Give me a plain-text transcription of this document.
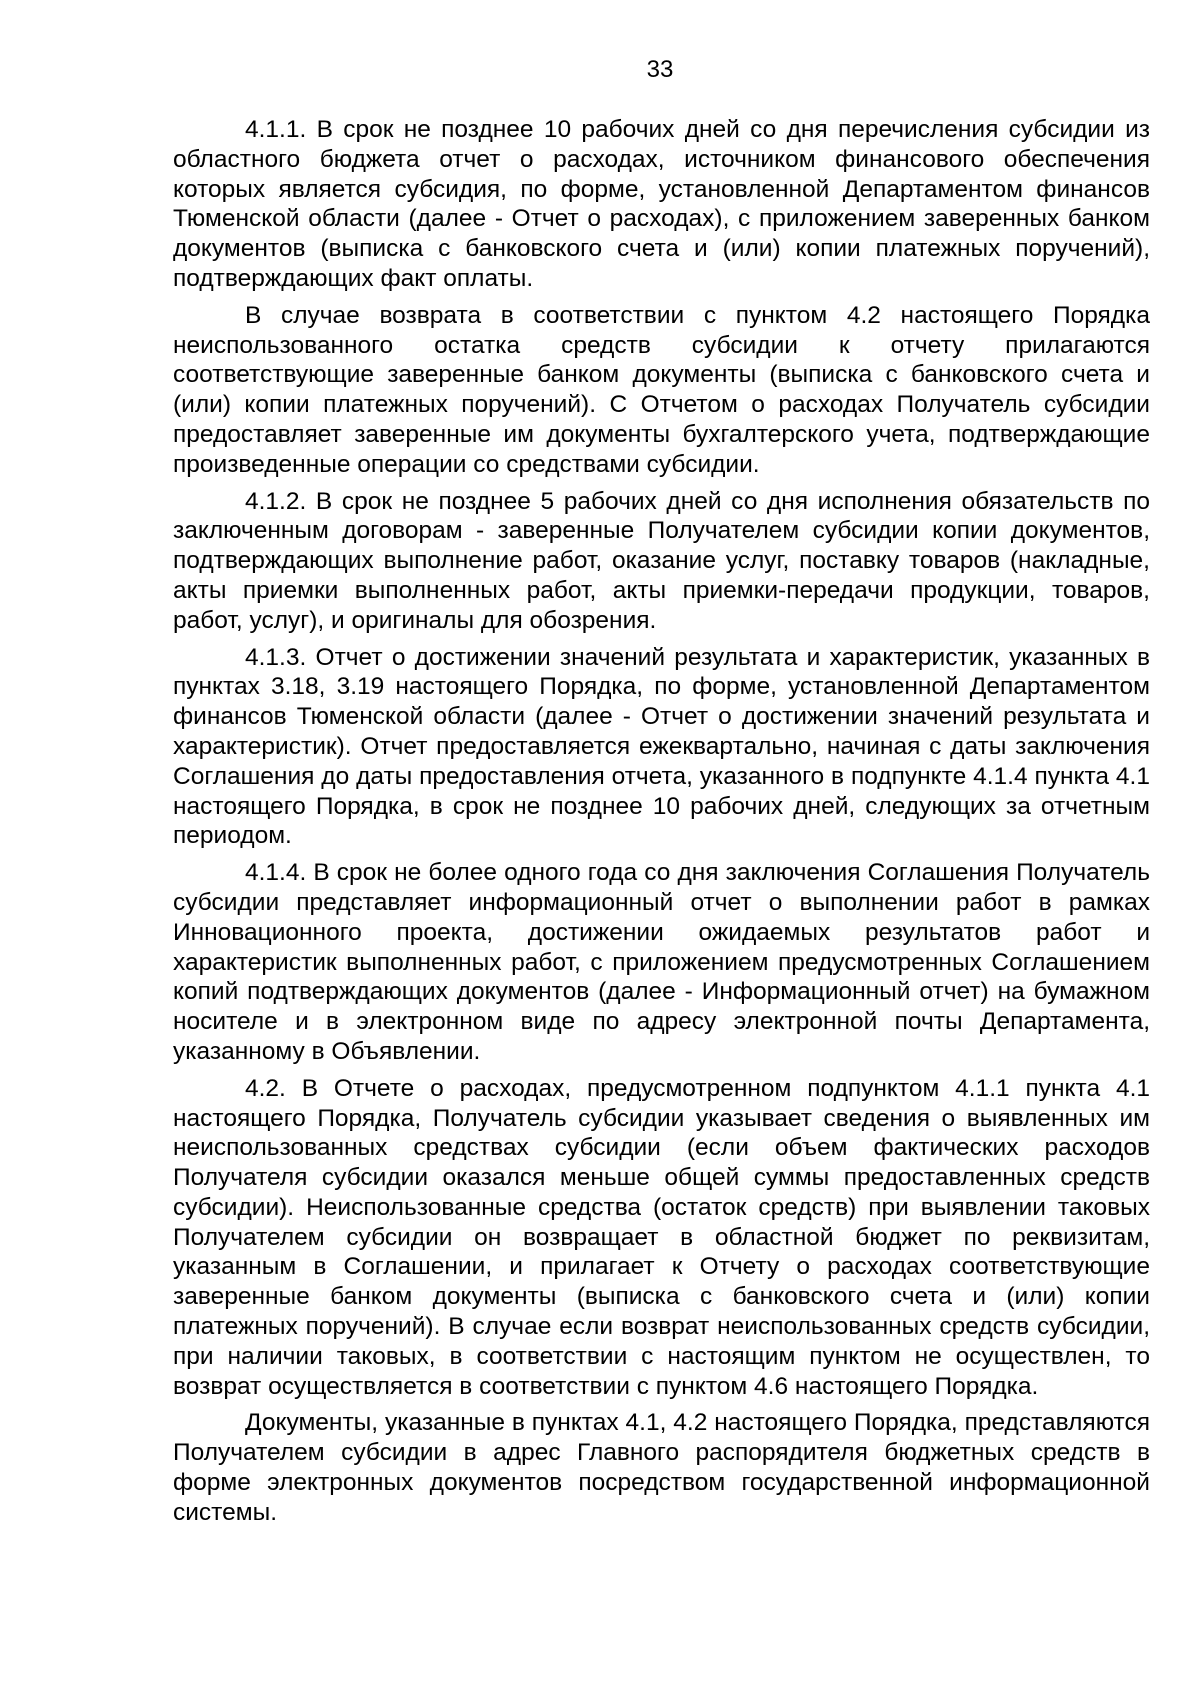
33

4.1.1. В срок не позднее 10 рабочих дней со дня перечисления субсидии из областного бюджета отчет о расходах, источником финансового обеспечения которых является субсидия, по форме, установленной Департаментом финансов Тюменской области (далее - Отчет о расходах), с приложением заверенных банком документов (выписка с банковского счета и (или) копии платежных поручений), подтверждающих факт оплаты.

В случае возврата в соответствии с пунктом 4.2 настоящего Порядка неиспользованного остатка средств субсидии к отчету прилагаются соответствующие заверенные банком документы (выписка с банковского счета и (или) копии платежных поручений). С Отчетом о расходах Получатель субсидии предоставляет заверенные им документы бухгалтерского учета, подтверждающие произведенные операции со средствами субсидии.

4.1.2. В срок не позднее 5 рабочих дней со дня исполнения обязательств по заключенным договорам - заверенные Получателем субсидии копии документов, подтверждающих выполнение работ, оказание услуг, поставку товаров (накладные, акты приемки выполненных работ, акты приемки-передачи продукции, товаров, работ, услуг), и оригиналы для обозрения.

4.1.3. Отчет о достижении значений результата и характеристик, указанных в пунктах 3.18, 3.19 настоящего Порядка, по форме, установленной Департаментом финансов Тюменской области (далее - Отчет о достижении значений результата и характеристик). Отчет предоставляется ежеквартально, начиная с даты заключения Соглашения до даты предоставления отчета, указанного в подпункте 4.1.4 пункта 4.1 настоящего Порядка, в срок не позднее 10 рабочих дней, следующих за отчетным периодом.

4.1.4. В срок не более одного года со дня заключения Соглашения Получатель субсидии представляет информационный отчет о выполнении работ в рамках Инновационного проекта, достижении ожидаемых результатов работ и характеристик выполненных работ, с приложением предусмотренных Соглашением копий подтверждающих документов (далее - Информационный отчет) на бумажном носителе и в электронном виде по адресу электронной почты Департамента, указанному в Объявлении.

4.2. В Отчете о расходах, предусмотренном подпунктом 4.1.1 пункта 4.1 настоящего Порядка, Получатель субсидии указывает сведения о выявленных им неиспользованных средствах субсидии (если объем фактических расходов Получателя субсидии оказался меньше общей суммы предоставленных средств субсидии). Неиспользованные средства (остаток средств) при выявлении таковых Получателем субсидии он возвращает в областной бюджет по реквизитам, указанным в Соглашении, и прилагает к Отчету о расходах соответствующие заверенные банком документы (выписка с банковского счета и (или) копии платежных поручений). В случае если возврат неиспользованных средств субсидии, при наличии таковых, в соответствии с настоящим пунктом не осуществлен, то возврат осуществляется в соответствии с пунктом 4.6 настоящего Порядка.

Документы, указанные в пунктах 4.1, 4.2 настоящего Порядка, представляются Получателем субсидии в адрес Главного распорядителя бюджетных средств в форме электронных документов посредством государственной информационной системы.
